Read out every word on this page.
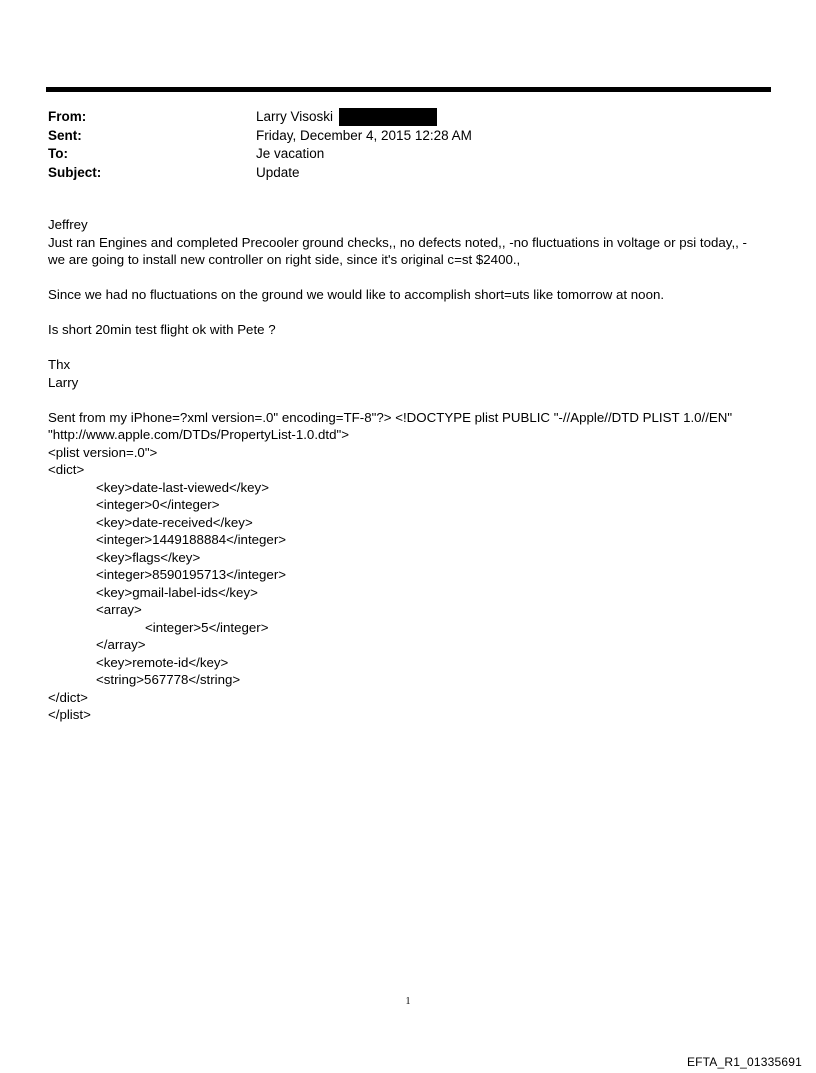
From:	Larry Visoski
Sent:	Friday, December 4, 2015 12:28 AM
To:	Je vacation
Subject:	Update

Jeffrey

Just ran Engines and completed Precooler ground checks,, no defects noted,, -no fluctuations in voltage or psi today,, -

we are going to install new controller on right side, since it's original c=st $2400.,

Since we had no fluctuations on the ground we would like to accomplish short=uts like tomorrow at noon.

Is short 20min test flight ok with Pete ?

Thx

Larry

Sent from my iPhone=?xml version=.0" encoding=TF-8"?> <!DOCTYPE plist PUBLIC "-//Apple//DTD PLIST 1.0//EN"

"http://www.apple.com/DTDs/PropertyList-1.0.dtd">

<plist version=.0">

<dict>

<key>date-last-viewed</key>

<integer>0</integer>

<key>date-received</key>

<integer>1449188884</integer>

<key>flags</key>

<integer>8590195713</integer>

<key>gmail-label-ids</key>

<array>

<integer>5</integer>

</array>

<key>remote-id</key>

<string>567778</string>

</dict>

</plist>

1
EFTA_R1_01335691
